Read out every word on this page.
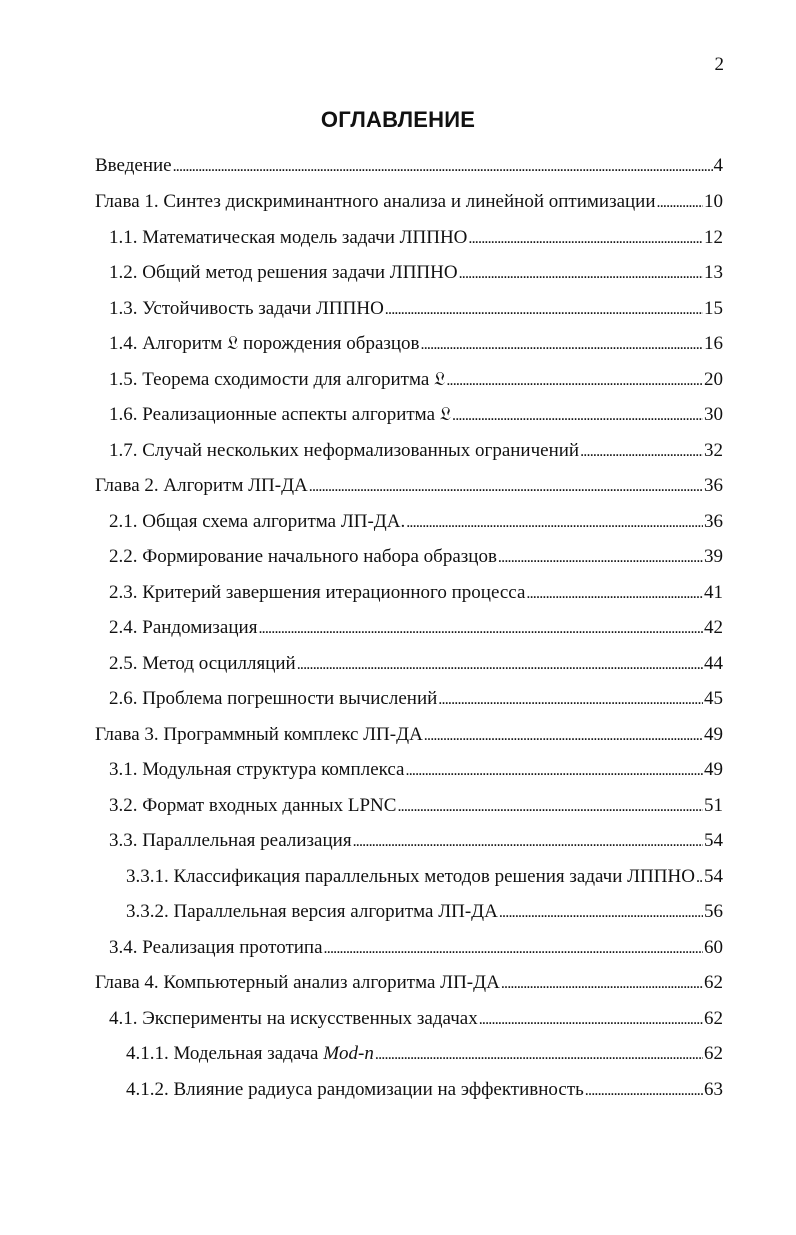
2
ОГЛАВЛЕНИЕ
Введение . . .	4
Глава 1. Синтез дискриминантного анализа и линейной оптимизации . . .	10
1.1. Математическая модель задачи ЛППНО . . .	12
1.2. Общий метод решения задачи ЛППНО . . .	13
1.3. Устойчивость задачи ЛППНО . . .	15
1.4. Алгоритм 𝔏 порождения образцов . . .	16
1.5. Теорема сходимости для алгоритма 𝔏 . . .	20
1.6. Реализационные аспекты алгоритма 𝔏 . . .	30
1.7. Случай нескольких неформализованных ограничений . . .	32
Глава 2. Алгоритм ЛП-ДА . . .	36
2.1. Общая схема алгоритма ЛП-ДА. . . .	36
2.2. Формирование начального набора образцов . . .	39
2.3. Критерий завершения итерационного процесса . . .	41
2.4. Рандомизация . . .	42
2.5. Метод осцилляций . . .	44
2.6. Проблема погрешности вычислений . . .	45
Глава 3. Программный комплекс ЛП-ДА . . .	49
3.1. Модульная структура комплекса . . .	49
3.2. Формат входных данных LPNC . . .	51
3.3. Параллельная реализация . . .	54
3.3.1. Классификация параллельных методов решения задачи ЛППНО . . . 54
3.3.2. Параллельная версия алгоритма ЛП-ДА . . .	56
3.4. Реализация прототипа . . .	60
Глава 4. Компьютерный анализ алгоритма ЛП-ДА . . .	62
4.1. Эксперименты на искусственных задачах . . .	62
4.1.1. Модельная задача Mod-n . . .	62
4.1.2. Влияние радиуса рандомизации на эффективность . . .	63
